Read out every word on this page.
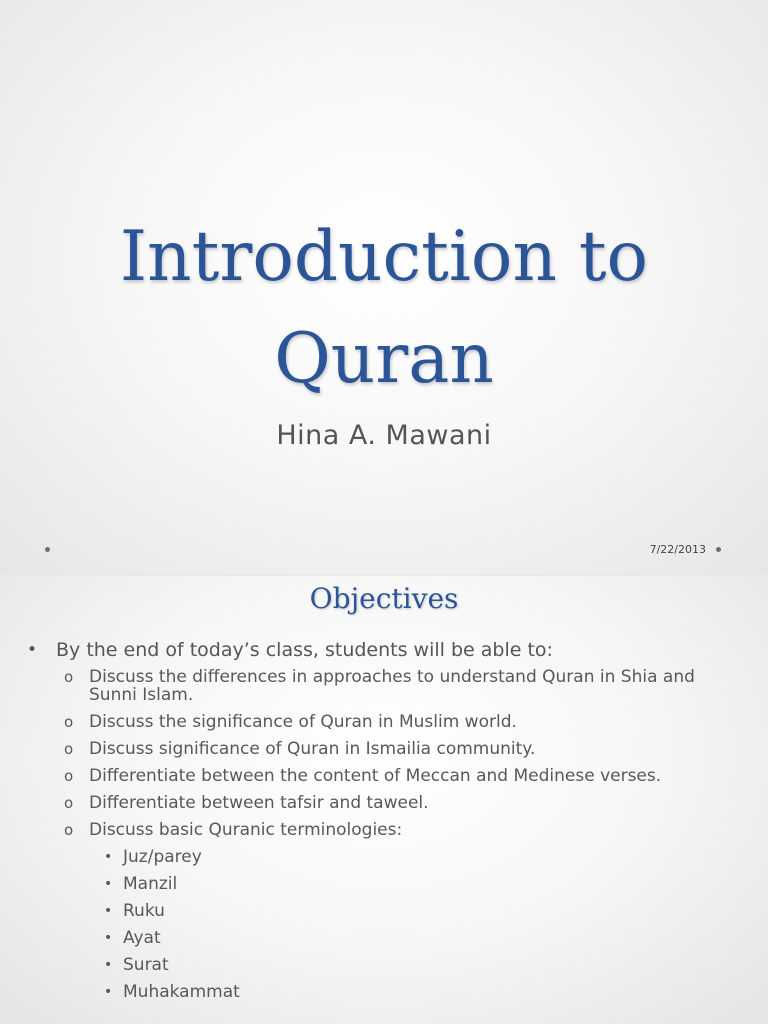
Introduction to
Quran
Hina A. Mawani
7/22/2013
Objectives
• By the end of today’s class, students will be able to:
o Discuss the differences in approaches to understand Quran in Shia and Sunni Islam.
o Discuss the significance of Quran in Muslim world.
o Discuss significance of Quran in Ismailia community.
o Differentiate between the content of Meccan and Medinese verses.
o Differentiate between tafsir and taweel.
o Discuss basic Quranic terminologies:
• Juz/parey
• Manzil
• Ruku
• Ayat
• Surat
• Muhakammat
